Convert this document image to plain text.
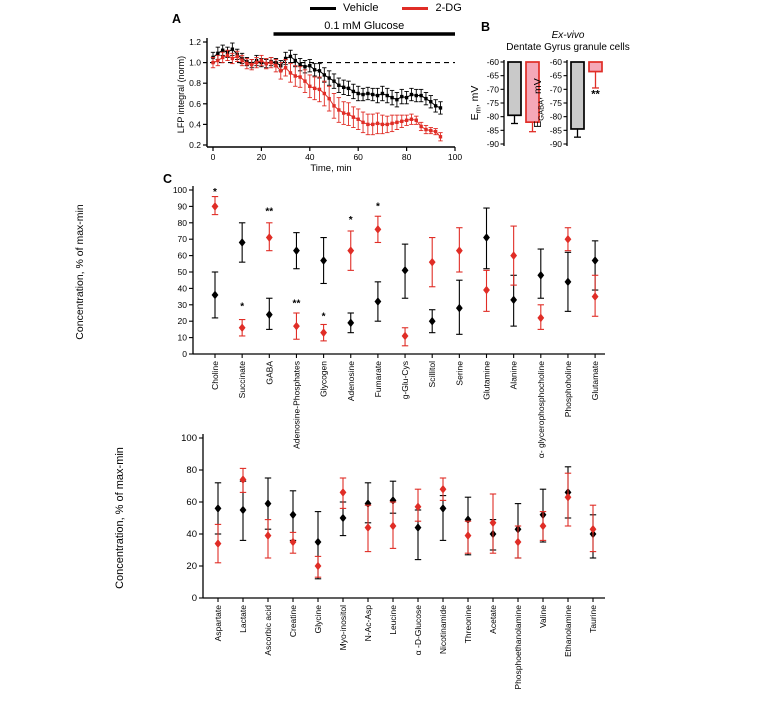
Vehicle	2-DG
A
B
C
Ex-vivo
Dentate Gyrus granule cells
0.2
0.4
0.6
0.8
1.0
1.2
0	20	40	60	80	100
Time, min
LFP integral (norm)
0.1 mM Glucose
-60
-65
-70
-75
-80
-85
-90
$E_m$, mV
-60
-65
-70
-75
-80
-85
-90
$E_{GABA}$, mV	**
0
10
20
30
40
50
60
70
80
90
100
Choline Succinate GABA Adenosine-Phosphates Glycogen Adenosine Fumarate g-Glu-Cys Scillitol Serine Glutamine Alanine α- glycerophosphocholine Phosphoholine Glutamate
Concentration, % of max-min
*
*
**
**
*
*
*
0
20
40
60
80
100
Aspartate Lactate Ascorbic acid Creatine Glycine Myo-inositol N-Ac-Asp Leucine α -D-Glucose Nicotinamide Threonine Acetate Phosphoethanolamine Valine Ethanolamine Taurine
Concentration, % of max-min
